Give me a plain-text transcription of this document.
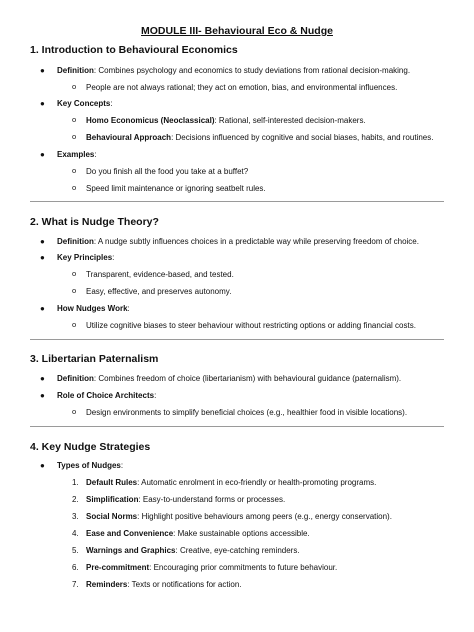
MODULE III- Behavioural Eco & Nudge
1. Introduction to Behavioural Economics
● Definition: Combines psychology and economics to study deviations from rational decision-making.
o People are not always rational; they act on emotion, bias, and environmental influences.
● Key Concepts:
o Homo Economicus (Neoclassical): Rational, self-interested decision-makers.
o Behavioural Approach: Decisions influenced by cognitive and social biases, habits, and routines.
● Examples:
o Do you finish all the food you take at a buffet?
o Speed limit maintenance or ignoring seatbelt rules.
2. What is Nudge Theory?
● Definition: A nudge subtly influences choices in a predictable way while preserving freedom of choice.
● Key Principles:
o Transparent, evidence-based, and tested.
o Easy, effective, and preserves autonomy.
● How Nudges Work:
o Utilize cognitive biases to steer behaviour without restricting options or adding financial costs.
3. Libertarian Paternalism
● Definition: Combines freedom of choice (libertarianism) with behavioural guidance (paternalism).
● Role of Choice Architects:
o Design environments to simplify beneficial choices (e.g., healthier food in visible locations).
4. Key Nudge Strategies
● Types of Nudges:
1. Default Rules: Automatic enrolment in eco-friendly or health-promoting programs.
2. Simplification: Easy-to-understand forms or processes.
3. Social Norms: Highlight positive behaviours among peers (e.g., energy conservation).
4. Ease and Convenience: Make sustainable options accessible.
5. Warnings and Graphics: Creative, eye-catching reminders.
6. Pre-commitment: Encouraging prior commitments to future behaviour.
7. Reminders: Texts or notifications for action.
